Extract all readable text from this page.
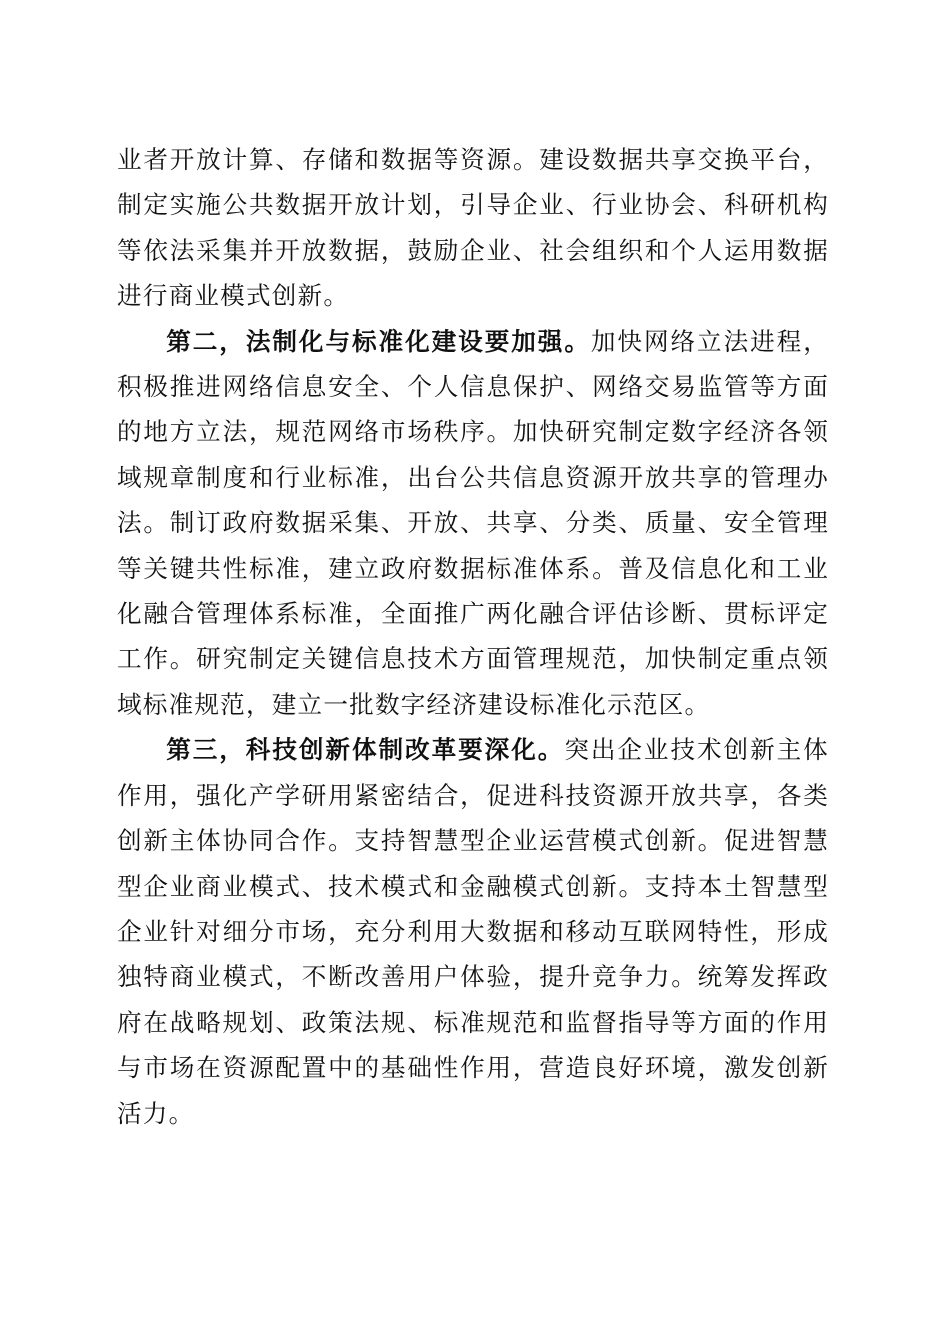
业者开放计算、存储和数据等资源。建设数据共享交换平台，制定实施公共数据开放计划，引导企业、行业协会、科研机构等依法采集并开放数据，鼓励企业、社会组织和个人运用数据进行商业模式创新。

第二，法制化与标准化建设要加强。加快网络立法进程，积极推进网络信息安全、个人信息保护、网络交易监管等方面的地方立法，规范网络市场秩序。加快研究制定数字经济各领域规章制度和行业标准，出台公共信息资源开放共享的管理办法。制订政府数据采集、开放、共享、分类、质量、安全管理等关键共性标准，建立政府数据标准体系。普及信息化和工业化融合管理体系标准，全面推广两化融合评估诊断、贯标评定工作。研究制定关键信息技术方面管理规范，加快制定重点领域标准规范，建立一批数字经济建设标准化示范区。

第三，科技创新体制改革要深化。突出企业技术创新主体作用，强化产学研用紧密结合，促进科技资源开放共享，各类创新主体协同合作。支持智慧型企业运营模式创新。促进智慧型企业商业模式、技术模式和金融模式创新。支持本土智慧型企业针对细分市场，充分利用大数据和移动互联网特性，形成独特商业模式，不断改善用户体验，提升竞争力。统筹发挥政府在战略规划、政策法规、标准规范和监督指导等方面的作用与市场在资源配置中的基础性作用，营造良好环境，激发创新活力。
